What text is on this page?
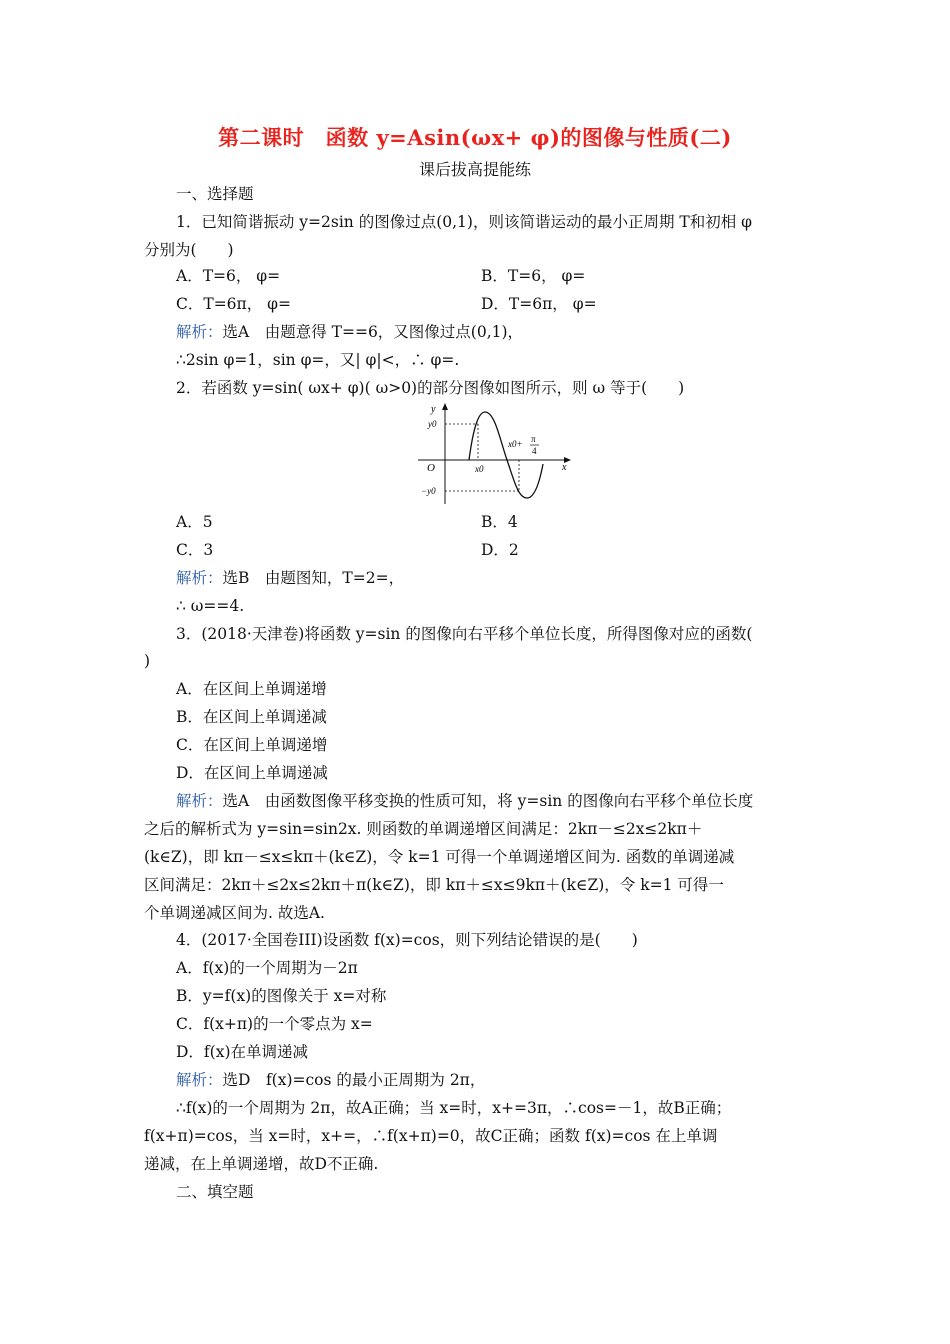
第二课时　函数 y=Asin(ωx+ φ)的图像与性质(二)
课后拔高提能练
一、选择题
1．已知简谐振动 y=2sin 的图像过点(0,1)，则该简谐运动的最小正周期 T和初相 φ
分别为(　　)
A．T=6， φ=	B．T=6， φ=
C．T=6π， φ=	D．T=6π， φ=
解析：选A　由题意得 T==6，又图像过点(0,1)，
∴2sin φ=1，sin φ=，又| φ|<，∴ φ=.
2．若函数 y=sin( ωx+ φ)( ω>0)的部分图像如图所示，则 ω 等于(　　)
y
x
O
y0
−y0
x0
x0+ π
4
A．5	B．4
C．3	D．2
解析：选B　由题图知，T=2=，
∴ ω==4.
3．(2018·天津卷)将函数 y=sin 的图像向右平移个单位长度，所得图像对应的函数(
)
A．在区间上单调递增
B．在区间上单调递减
C．在区间上单调递增
D．在区间上单调递减
解析：选A　由函数图像平移变换的性质可知，将 y=sin 的图像向右平移个单位长度
之后的解析式为 y=sin=sin2x. 则函数的单调递增区间满足：2kπ－≤2x≤2kπ＋
(k∈Z)，即 kπ－≤x≤kπ＋(k∈Z)，令 k=1 可得一个单调递增区间为. 函数的单调递减
区间满足：2kπ＋≤2x≤2kπ＋π(k∈Z)，即 kπ＋≤x≤9kπ＋(k∈Z)，令 k=1 可得一
个单调递减区间为. 故选A.
4．(2017·全国卷III)设函数 f(x)=cos，则下列结论错误的是(　　)
A．f(x)的一个周期为－2π
B．y=f(x)的图像关于 x=对称
C．f(x+π)的一个零点为 x=
D．f(x)在单调递减
解析：选D　f(x)=cos 的最小正周期为 2π，
∴f(x)的一个周期为 2π，故A正确；当 x=时，x+=3π，∴cos=－1，故B正确；
f(x+π)=cos，当 x=时，x+=，∴f(x+π)=0，故C正确；函数 f(x)=cos 在上单调
递减，在上单调递增，故D不正确.
二、填空题
